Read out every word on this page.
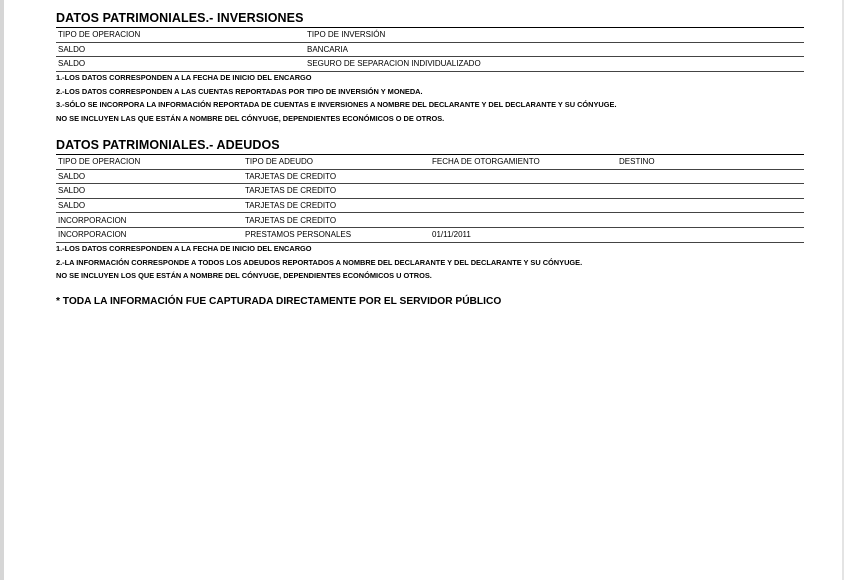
DATOS PATRIMONIALES.- INVERSIONES
TIPO DE OPERACION	TIPO DE INVERSIÓN
SALDO	BANCARIA
SALDO	SEGURO DE SEPARACION INDIVIDUALIZADO
1.-LOS DATOS CORRESPONDEN A LA FECHA DE INICIO DEL ENCARGO
2.-LOS DATOS CORRESPONDEN A LAS CUENTAS REPORTADAS POR TIPO DE INVERSIÓN Y MONEDA.
3.-SÓLO SE INCORPORA LA INFORMACIÓN REPORTADA DE CUENTAS E INVERSIONES A NOMBRE DEL DECLARANTE Y DEL DECLARANTE Y SU CÓNYUGE.
NO SE INCLUYEN LAS QUE ESTÁN A NOMBRE DEL CÓNYUGE, DEPENDIENTES ECONÓMICOS O DE OTROS.
DATOS PATRIMONIALES.- ADEUDOS
TIPO DE OPERACION	TIPO DE ADEUDO	FECHA DE OTORGAMIENTO	DESTINO
SALDO	TARJETAS DE CREDITO		
SALDO	TARJETAS DE CREDITO		
SALDO	TARJETAS DE CREDITO		
INCORPORACION	TARJETAS DE CREDITO		
INCORPORACION	PRESTAMOS PERSONALES	01/11/2011	
1.-LOS DATOS CORRESPONDEN A LA FECHA DE INICIO DEL ENCARGO
2.-LA INFORMACIÓN CORRESPONDE A TODOS LOS ADEUDOS REPORTADOS A NOMBRE DEL DECLARANTE Y DEL DECLARANTE Y SU CÓNYUGE.
NO SE INCLUYEN LOS QUE ESTÁN A NOMBRE DEL CÓNYUGE, DEPENDIENTES ECONÓMICOS U OTROS.
* TODA LA INFORMACIÓN FUE CAPTURADA DIRECTAMENTE POR EL SERVIDOR PÚBLICO
